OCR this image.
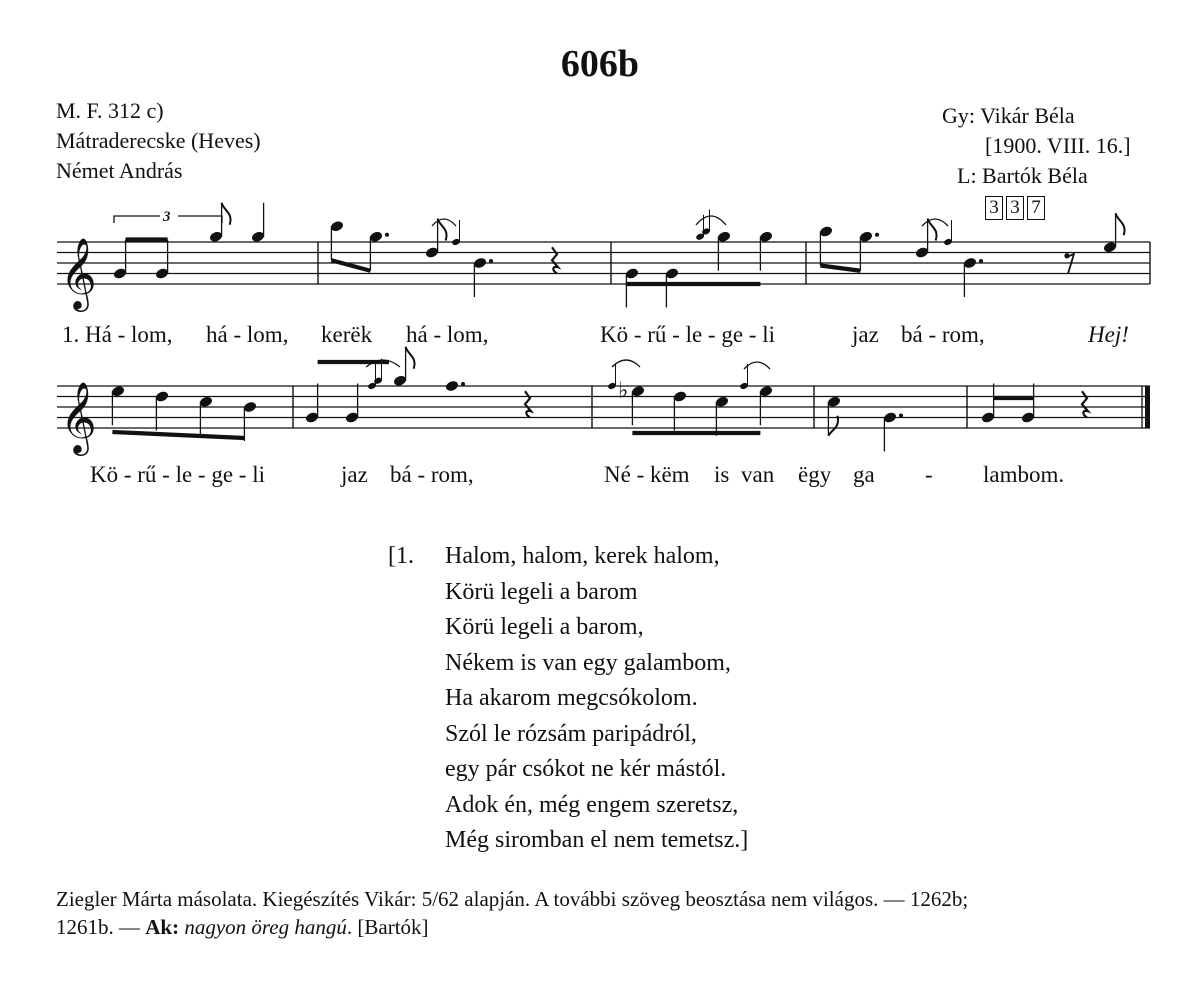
606b
M. F. 312 c)
Mátraderecske (Heves)
Német András
Gy: Vikár Béla
[1900. VIII. 16.]
L: Bartók Béla
3 3 7
𝄞
3
𝄞	♭
1. Há - lom, há - lom, kerëk há - lom,	Kö - rű - le - ge - li	jaz bá - rom,	Hej!
Kö - rű - le - ge - li	jaz bá - rom,	Né - këm is van ëgy ga - lambom.
[1. Halom, halom, kerek halom,
Körü legeli a barom
Körü legeli a barom,
Nékem is van egy galambom,
Ha akarom megcsókolom.
Szól le rózsám paripádról,
egy pár csókot ne kér mástól.
Adok én, még engem szeretsz,
Még siromban el nem temetsz.]
Ziegler Márta másolata. Kiegészítés Vikár: 5/62 alapján. A további szöveg beosztása nem világos. — 1262b;
1261b. — Ak: nagyon öreg hangú. [Bartók]
